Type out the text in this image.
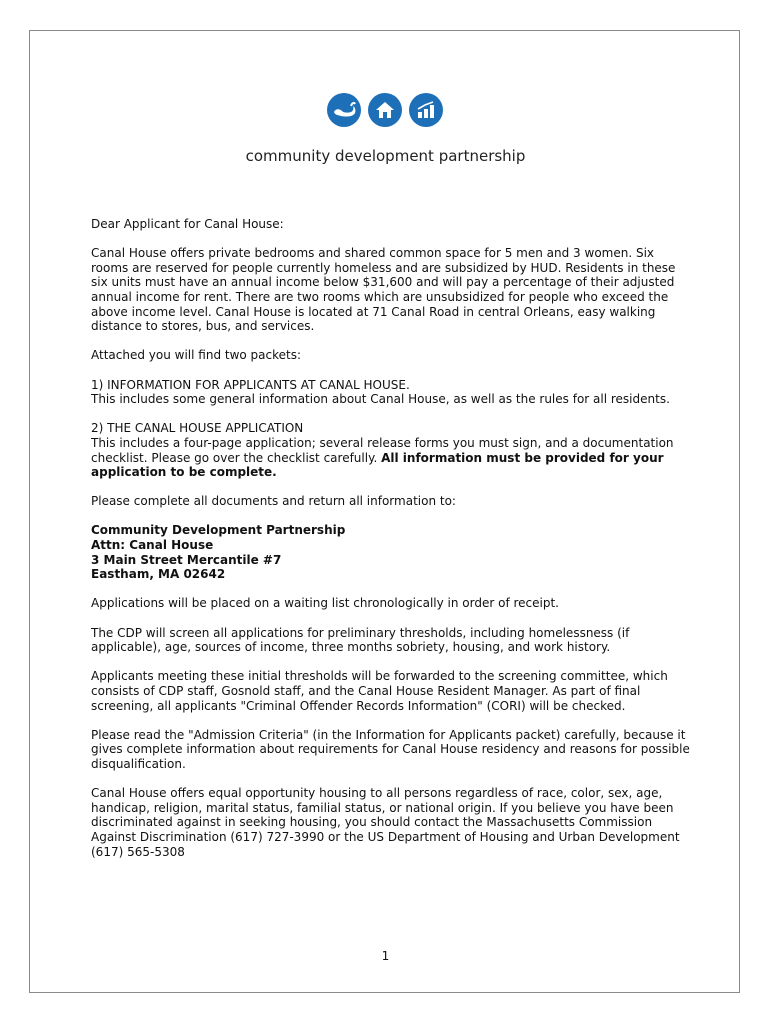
community development partnership

Dear Applicant for Canal House:

Canal House offers private bedrooms and shared common space for 5 men and 3 women. Six rooms are reserved for people currently homeless and are subsidized by HUD. Residents in these six units must have an annual income below $31,600 and will pay a percentage of their adjusted annual income for rent. There are two rooms which are unsubsidized for people who exceed the above income level. Canal House is located at 71 Canal Road in central Orleans, easy walking distance to stores, bus, and services.

Attached you will find two packets:

1) INFORMATION FOR APPLICANTS AT CANAL HOUSE.
This includes some general information about Canal House, as well as the rules for all residents.

2) THE CANAL HOUSE APPLICATION
This includes a four-page application; several release forms you must sign, and a documentation checklist. Please go over the checklist carefully. All information must be provided for your application to be complete.

Please complete all documents and return all information to:

Community Development Partnership
Attn: Canal House
3 Main Street Mercantile #7
Eastham, MA 02642

Applications will be placed on a waiting list chronologically in order of receipt.

The CDP will screen all applications for preliminary thresholds, including homelessness (if applicable), age, sources of income, three months sobriety, housing, and work history.

Applicants meeting these initial thresholds will be forwarded to the screening committee, which consists of CDP staff, Gosnold staff, and the Canal House Resident Manager. As part of final screening, all applicants "Criminal Offender Records Information" (CORI) will be checked.

Please read the "Admission Criteria" (in the Information for Applicants packet) carefully, because it gives complete information about requirements for Canal House residency and reasons for possible disqualification.

Canal House offers equal opportunity housing to all persons regardless of race, color, sex, age, handicap, religion, marital status, familial status, or national origin. If you believe you have been discriminated against in seeking housing, you should contact the Massachusetts Commission Against Discrimination (617) 727-3990 or the US Department of Housing and Urban Development (617) 565-5308

1
